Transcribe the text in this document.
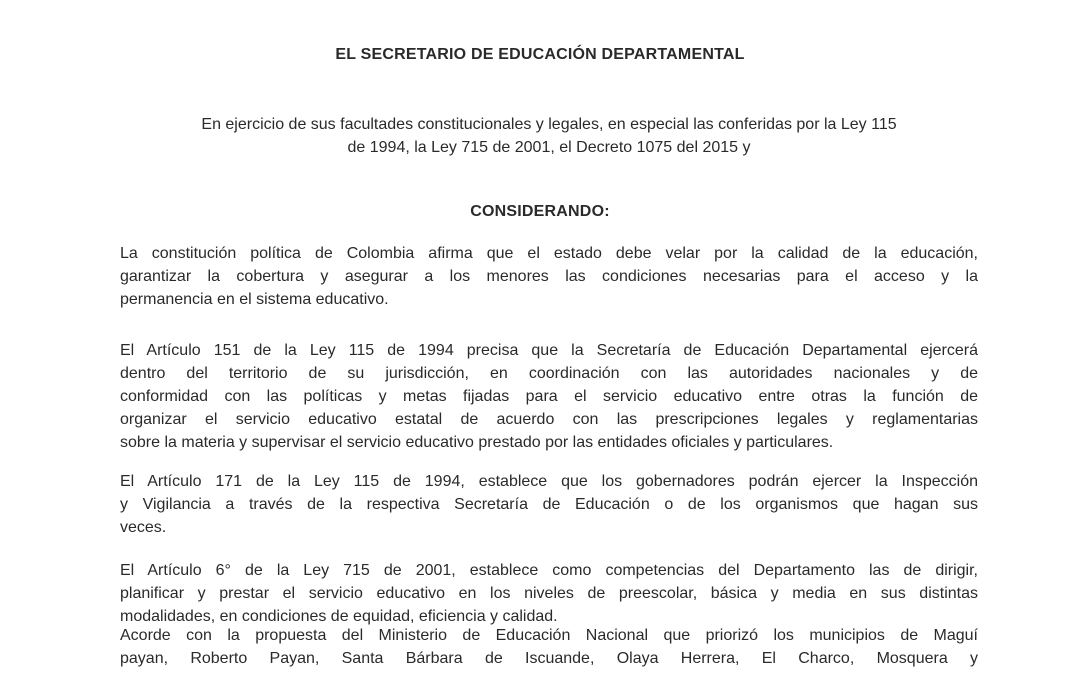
EL SECRETARIO DE EDUCACIÓN DEPARTAMENTAL
En ejercicio de sus facultades constitucionales y legales, en especial las conferidas por la Ley 115
de 1994, la Ley 715 de 2001, el Decreto 1075 del 2015 y
CONSIDERANDO:
La constitución política de Colombia afirma que el estado debe velar por la calidad de la educación,
garantizar la cobertura y asegurar a los menores las condiciones necesarias para el acceso y la
permanencia en el sistema educativo.
El Artículo 151 de la Ley 115 de 1994 precisa que la Secretaría de Educación Departamental ejercerá
dentro del territorio de su jurisdicción, en coordinación con las autoridades nacionales y de
conformidad con las políticas y metas fijadas para el servicio educativo entre otras la función de
organizar el servicio educativo estatal de acuerdo con las prescripciones legales y reglamentarias
sobre la materia y supervisar el servicio educativo prestado por las entidades oficiales y particulares.
El Artículo 171 de la Ley 115 de 1994, establece que los gobernadores podrán ejercer la Inspección
y Vigilancia a través de la respectiva Secretaría de Educación o de los organismos que hagan sus
veces.
El Artículo 6° de la Ley 715 de 2001, establece como competencias del Departamento las de dirigir,
planificar y prestar el servicio educativo en los niveles de preescolar, básica y media en sus distintas
modalidades, en condiciones de equidad, eficiencia y calidad.
Acorde con la propuesta del Ministerio de Educación Nacional que priorizó los municipios de Maguí
payan, Roberto Payan, Santa Bárbara de Iscuande, Olaya Herrera, El Charco, Mosquera y
